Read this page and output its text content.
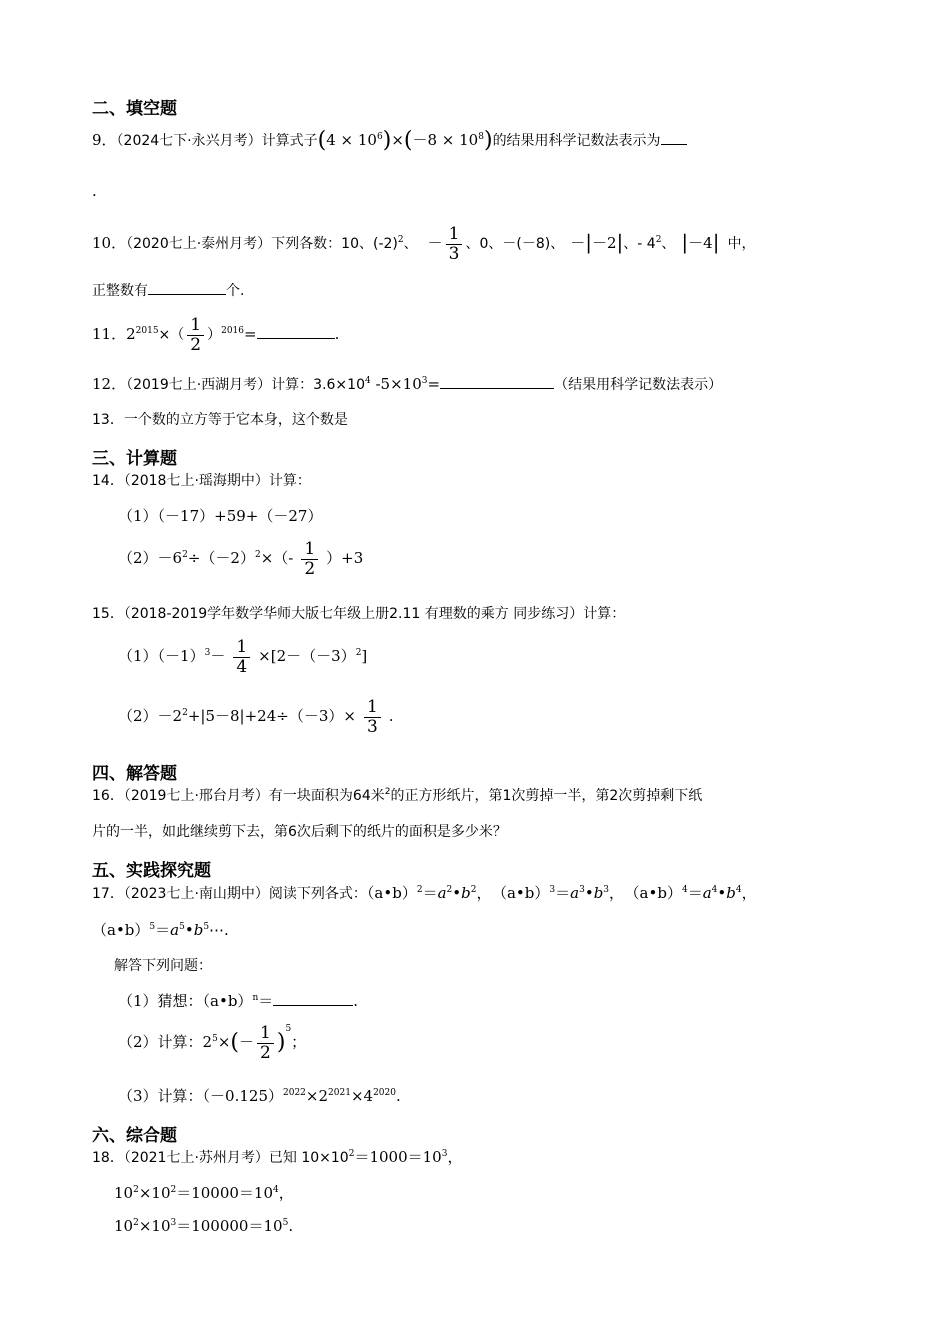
二、填空题
9．（2024七下·永兴月考）计算式子$(4 \times 10^6)\times(-8 \times 10^8)$的结果用科学记数法表示为
.
10．（2020七上·泰州月考）下列各数：10、$(-2)^2$、 － $\frac{1}{3}$ 、0、－(－8)、 －|－2|、- $4^2$、 |－4| 中，
正整数有	个.
11．$2^{2015}\times( \frac{1}{2} )^{2016}=$	.
12．（2019七上·西湖月考）计算：$3.6\times 10^4$ $-5\times 10^3=$	（结果用科学记数法表示）
13．一个数的立方等于它本身，这个数是
三、计算题
14．（2018七上·瑶海期中）计算：
（1）（－17）+59+（－27）
$(2)-6^2\div(-2)^2\times(- \frac{1}{2} )+3$
15．（2018-2019学年数学华师大版七年级上册2.11 有理数的乘方 同步练习）计算：
$(1)(-1)^3- \frac{1}{4} \times[2-(-3)^2]$
$(2)-2^2+|5-8|+24\div(-3)\times \frac{1}{3}$ .
四、解答题
16．（2019七上·邢台月考）有一块面积为64米$^2$的正方形纸片，第1次剪掉一半，第2次剪掉剩下纸
片的一半，如此继续剪下去，第6次后剩下的纸片的面积是多少米？
五、实践探究题
17．（2023七上·南山期中）阅读下列各式：$(a•b)^2=a^2•b^2$， $(a•b)^3=a^3•b^3$， $(a•b)^4=a^4•b^4$，
$(a•b)^5=a^5•b^5\cdots$.
解答下列问题：
（1）猜想：（a•b）$^n$＝	.
（2）计算：$2^5\times(- \frac{1}{2} )^5$；
（3）计算：$(-0.125)^{2022}\times 2^{2021}\times 4^{2020}$.
六、综合题
18．（2021七上·苏州月考）已知 $10\times 10^2=1000=10^3$，
$10^2\times 10^2=10000=10^4$，
$10^2\times 10^3=100000=10^5$.
